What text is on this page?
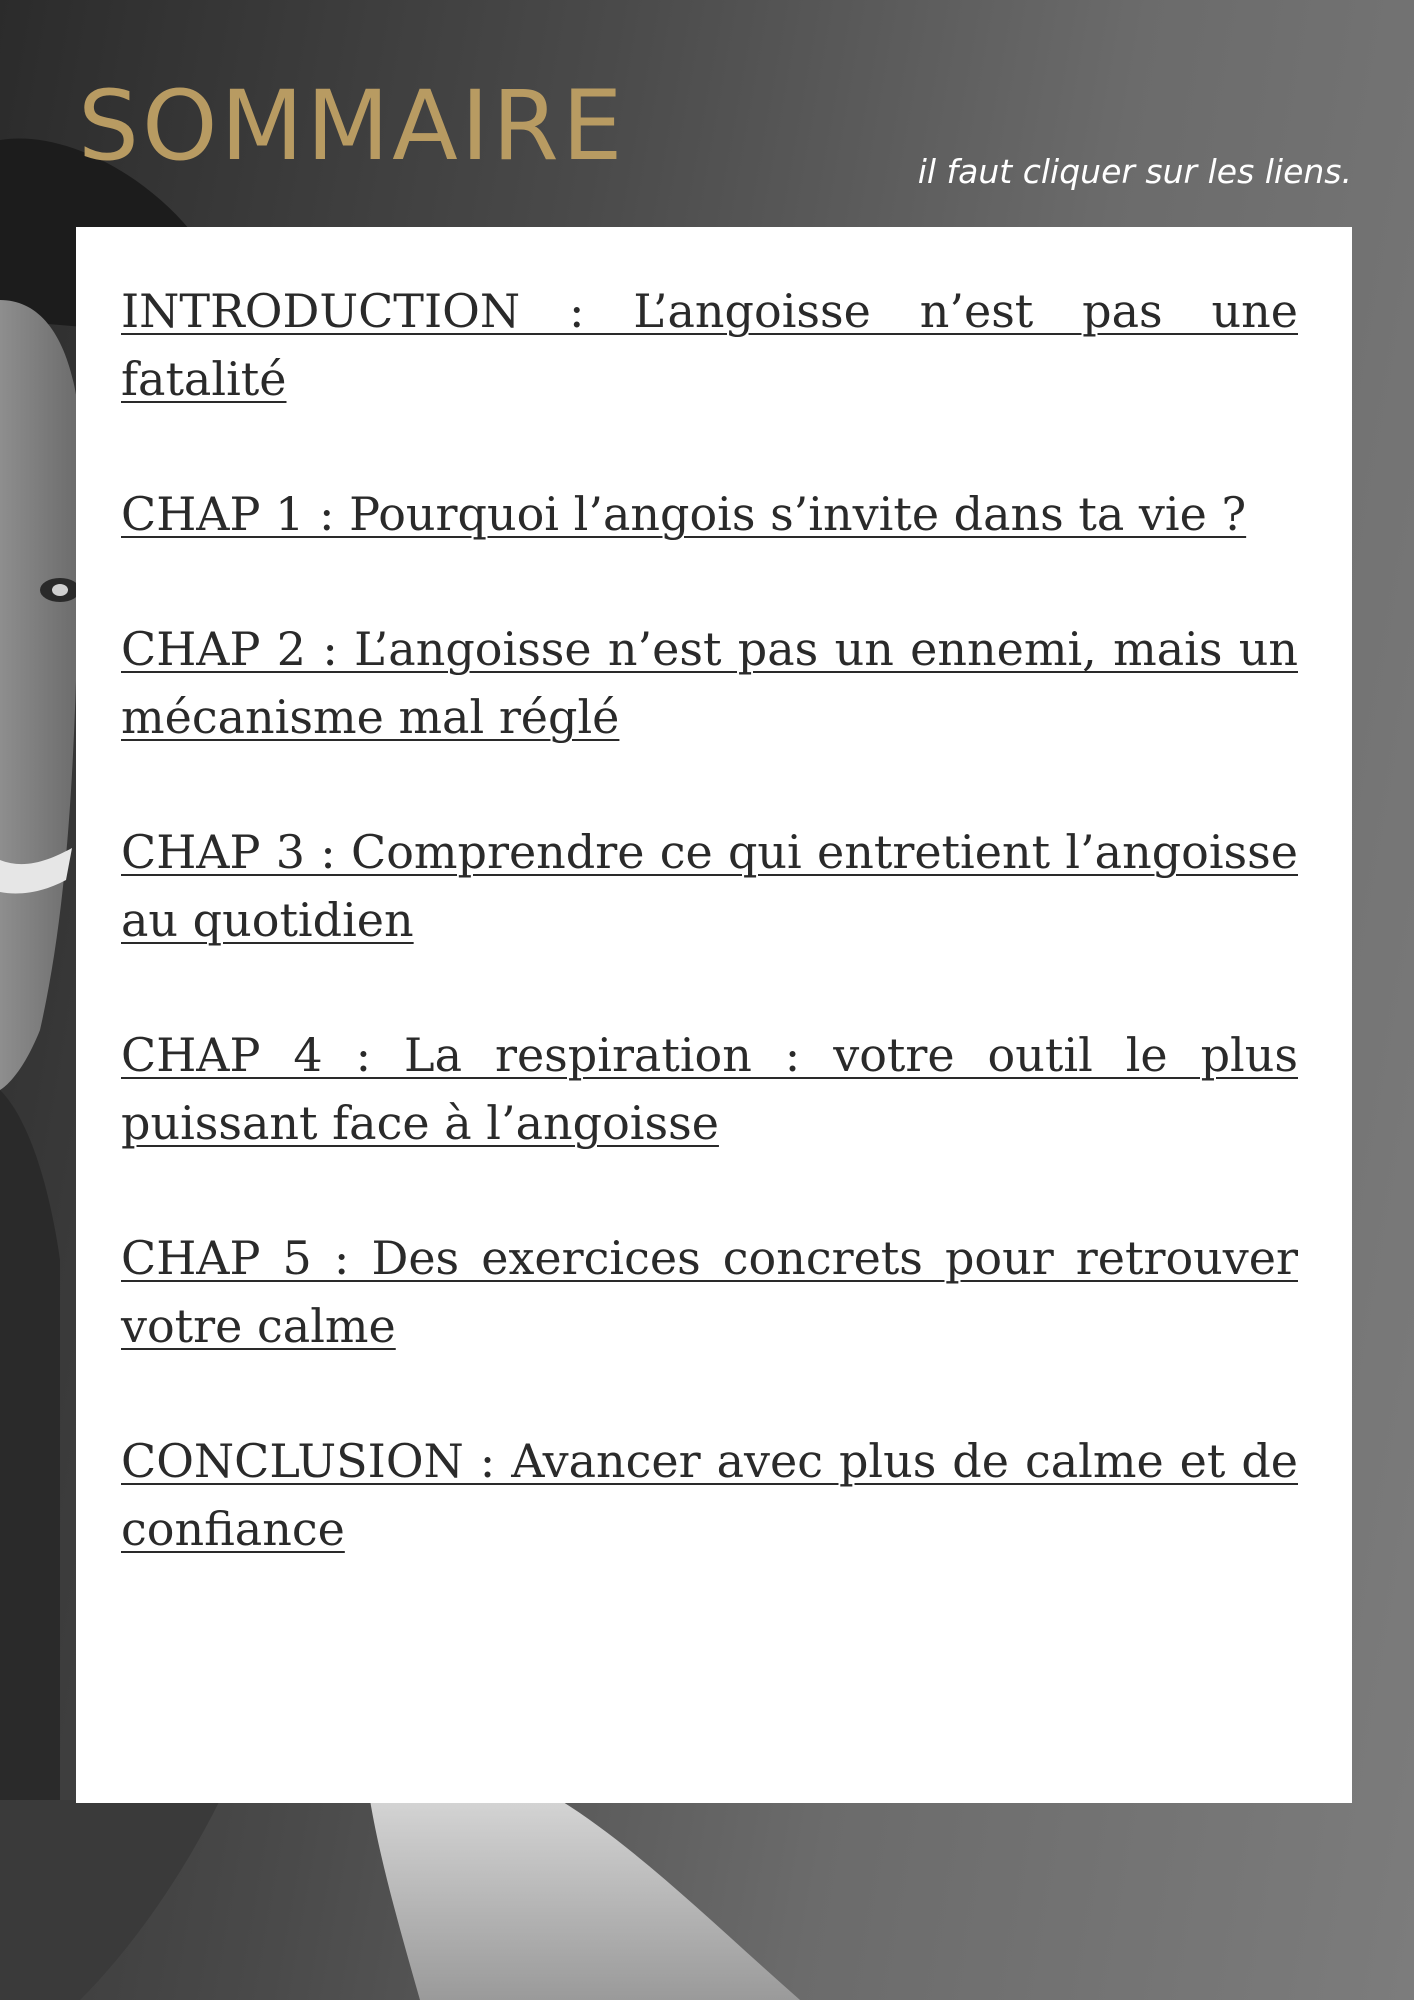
SOMMAIRE	il faut cliquer sur les liens.

INTRODUCTION : L’angoisse n’est pas une fatalité
CHAP 1 : Pourquoi l’angois s’invite dans ta vie ?
CHAP 2 : L’angoisse n’est pas un ennemi, mais un mécanisme mal réglé
CHAP 3 : Comprendre ce qui entretient l’angoisse au quotidien
CHAP 4 : La respiration : votre outil le plus puissant face à l’angoisse
CHAP 5 : Des exercices concrets pour retrouver votre calme
CONCLUSION : Avancer avec plus de calme et de confiance
